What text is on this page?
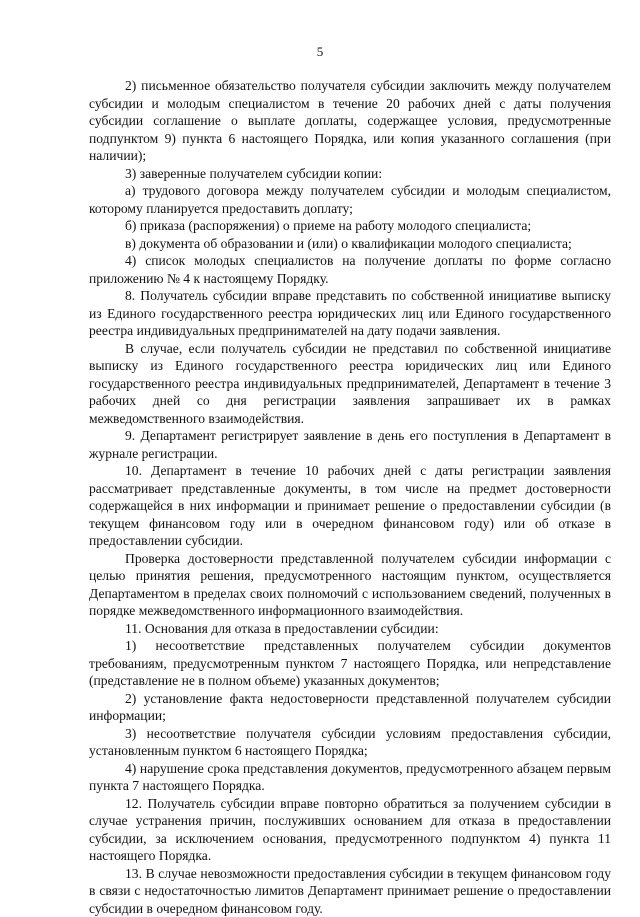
5

2) письменное обязательство получателя субсидии заключить между получателем субсидии и молодым специалистом в течение 20 рабочих дней с даты получения субсидии соглашение о выплате доплаты, содержащее условия, предусмотренные подпунктом 9) пункта 6 настоящего Порядка, или копия указанного соглашения (при наличии);

3) заверенные получателем субсидии копии:

а) трудового договора между получателем субсидии и молодым специалистом, которому планируется предоставить доплату;

б) приказа (распоряжения) о приеме на работу молодого специалиста;

в) документа об образовании и (или) о квалификации молодого специалиста;

4) список молодых специалистов на получение доплаты по форме согласно приложению № 4 к настоящему Порядку.

8. Получатель субсидии вправе представить по собственной инициативе выписку из Единого государственного реестра юридических лиц или Единого государственного реестра индивидуальных предпринимателей на дату подачи заявления.

В случае, если получатель субсидии не представил по собственной инициативе выписку из Единого государственного реестра юридических лиц или Единого государственного реестра индивидуальных предпринимателей, Департамент в течение 3 рабочих дней со дня регистрации заявления запрашивает их в рамках межведомственного взаимодействия.

9. Департамент регистрирует заявление в день его поступления в Департамент в журнале регистрации.

10. Департамент в течение 10 рабочих дней с даты регистрации заявления рассматривает представленные документы, в том числе на предмет достоверности содержащейся в них информации и принимает решение о предоставлении субсидии (в текущем финансовом году или в очередном финансовом году) или об отказе в предоставлении субсидии.

Проверка достоверности представленной получателем субсидии информации с целью принятия решения, предусмотренного настоящим пунктом, осуществляется Департаментом в пределах своих полномочий с использованием сведений, полученных в порядке межведомственного информационного взаимодействия.

11. Основания для отказа в предоставлении субсидии:

1) несоответствие представленных получателем субсидии документов требованиям, предусмотренным пунктом 7 настоящего Порядка, или непредставление (представление не в полном объеме) указанных документов;

2) установление факта недостоверности представленной получателем субсидии информации;

3) несоответствие получателя субсидии условиям предоставления субсидии, установленным пунктом 6 настоящего Порядка;

4) нарушение срока представления документов, предусмотренного абзацем первым пункта 7 настоящего Порядка.

12. Получатель субсидии вправе повторно обратиться за получением субсидии в случае устранения причин, послуживших основанием для отказа в предоставлении субсидии, за исключением основания, предусмотренного подпунктом 4) пункта 11 настоящего Порядка.

13. В случае невозможности предоставления субсидии в текущем финансовом году в связи с недостаточностью лимитов Департамент принимает решение о предоставлении субсидии в очередном финансовом году.
